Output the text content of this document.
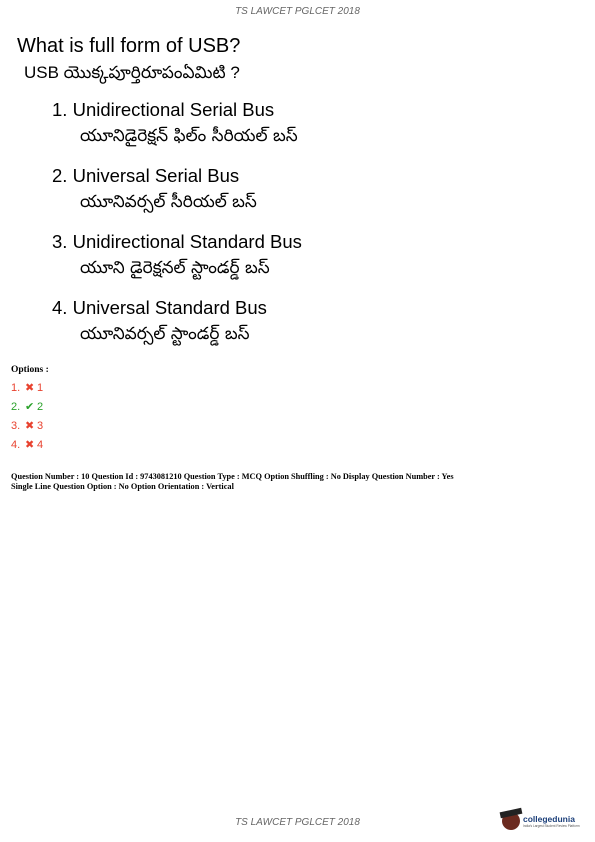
TS LAWCET PGLCET 2018

What is full form of USB?

USB యొక్కపూర్తిరూపంఏమిటి ?

1. Unidirectional Serial Bus
యూనిడైరెక్షన్ ఫిల్ం సీరియల్ బస్
2. Universal Serial Bus
యూనివర్సల్ సీరియల్ బస్
3. Unidirectional Standard Bus
యూని డైరెక్షనల్ స్టాండర్డ్ బస్
4. Universal Standard Bus
యూనివర్సల్ స్టాండర్డ్ బస్
Options :
1. ✖ 1
2. ✔ 2
3. ✖ 3
4. ✖ 4
Question Number : 10 Question Id : 9743081210 Question Type : MCQ Option Shuffling : No Display Question Number : Yes
Single Line Question Option : No Option Orientation : Vertical
TS LAWCET PGLCET 2018	collegedunia
India's Largest Student Review Platform
